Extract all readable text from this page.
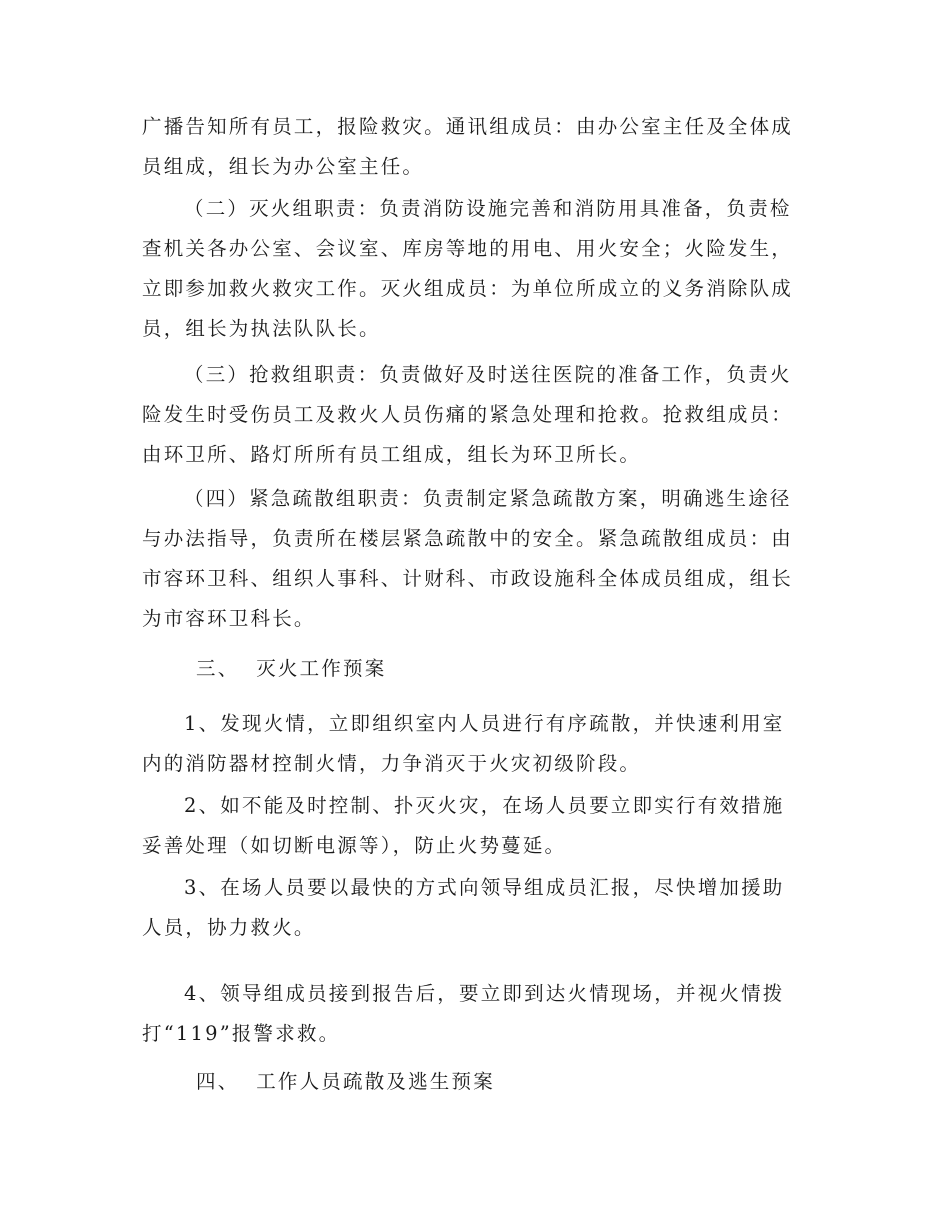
广播告知所有员工，报险救灾。通讯组成员：由办公室主任及全体成员组成，组长为办公室主任。

（二）灭火组职责：负责消防设施完善和消防用具准备，负责检查机关各办公室、会议室、库房等地的用电、用火安全；火险发生，立即参加救火救灾工作。灭火组成员：为单位所成立的义务消除队成员，组长为执法队队长。

（三）抢救组职责：负责做好及时送往医院的准备工作，负责火险发生时受伤员工及救火人员伤痛的紧急处理和抢救。抢救组成员：由环卫所、路灯所所有员工组成，组长为环卫所长。

（四）紧急疏散组职责：负责制定紧急疏散方案，明确逃生途径与办法指导，负责所在楼层紧急疏散中的安全。紧急疏散组成员：由市容环卫科、组织人事科、计财科、市政设施科全体成员组成，组长为市容环卫科长。

三、  灭火工作预案

1、发现火情，立即组织室内人员进行有序疏散，并快速利用室内的消防器材控制火情，力争消灭于火灾初级阶段。

2、如不能及时控制、扑灭火灾，在场人员要立即实行有效措施妥善处理（如切断电源等），防止火势蔓延。

3、在场人员要以最快的方式向领导组成员汇报，尽快增加援助人员，协力救火。

4、领导组成员接到报告后，要立即到达火情现场，并视火情拨打“119”报警求救。

四、  工作人员疏散及逃生预案
